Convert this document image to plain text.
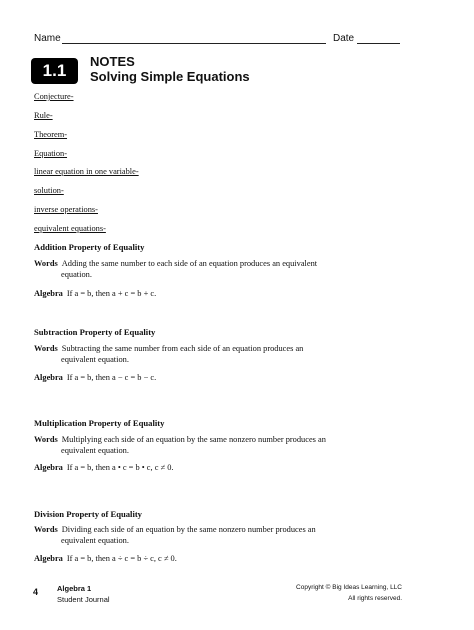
Name	Date
1.1 NOTES
Solving Simple Equations
Conjecture-
Rule-
Theorem-
Equation-
linear equation in one variable-
solution-
inverse operations-
equivalent equations-
Addition Property of Equality
Words Adding the same number to each side of an equation produces an equivalent
equation.
Algebra If a = b, then a + c = b + c.
Subtraction Property of Equality
Words Subtracting the same number from each side of an equation produces an
equivalent equation.
Algebra If a = b, then a − c = b − c.
Multiplication Property of Equality
Words Multiplying each side of an equation by the same nonzero number produces an
equivalent equation.
Algebra If a = b, then a • c = b • c, c ≠ 0.
Division Property of Equality
Words Dividing each side of an equation by the same nonzero number produces an
equivalent equation.
Algebra If a = b, then a ÷ c = b ÷ c, c ≠ 0.
4	Algebra 1
Student Journal
Copyright © Big Ideas Learning, LLC
All rights reserved.
